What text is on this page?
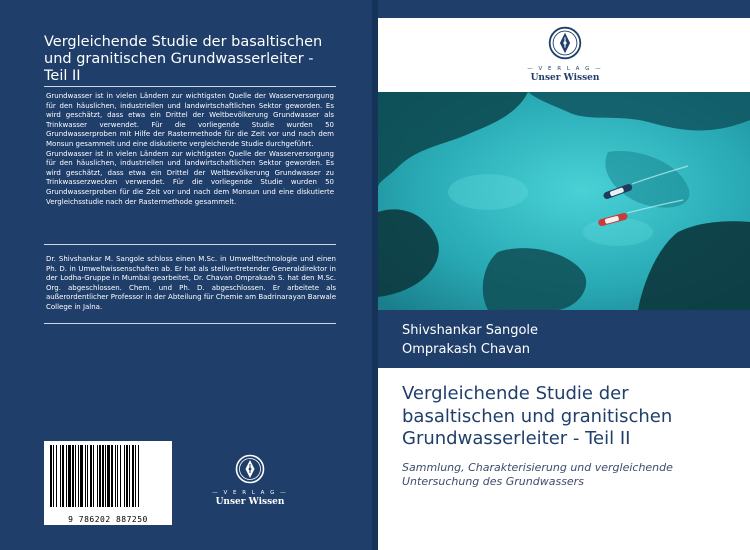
Vergleichende Studie der basaltischen und granitischen Grundwasserleiter - Teil II

Grundwasser ist in vielen Ländern zur wichtigsten Quelle der Wasserversorgung für den häuslichen, industriellen und landwirtschaftlichen Sektor geworden. Es wird geschätzt, dass etwa ein Drittel der Weltbevölkerung Grundwasser als Trinkwasser verwendet. Für die vorliegende Studie wurden 50 Grundwasserproben mit Hilfe der Rastermethode für die Zeit vor und nach dem Monsun gesammelt und eine diskutierte vergleichende Studie durchgeführt.

Grundwasser ist in vielen Ländern zur wichtigsten Quelle der Wasserversorgung für den häuslichen, industriellen und landwirtschaftlichen Sektor geworden. Es wird geschätzt, dass etwa ein Drittel der Weltbevölkerung Grundwasser zu Trinkwasserzwecken verwendet. Für die vorliegende Studie wurden 50 Grundwasserproben für die Zeit vor und nach dem Monsun und eine diskutierte Vergleichsstudie nach der Rastermethode gesammelt.

Dr. Shivshankar M. Sangole schloss einen M.Sc. in Umwelttechnologie und einen Ph. D. in Umweltwissenschaften ab. Er hat als stellvertretender Generaldirektor in der Lodha-Gruppe in Mumbai gearbeitet, Dr. Chavan Omprakash S. hat den M.Sc. Org. abgeschlossen. Chem. und Ph. D. abgeschlossen. Er arbeitete als außerordentlicher Professor in der Abteilung für Chemie am Badrinarayan Barwale College in Jalna.
9 786202 887250
— V E R L A G —
Unser Wissen
— V E R L A G —
Unser Wissen
Shivshankar Sangole
Omprakash Chavan
Vergleichende Studie der basaltischen und granitischen Grundwasserleiter - Teil II
Sammlung, Charakterisierung und vergleichende Untersuchung des Grundwassers
